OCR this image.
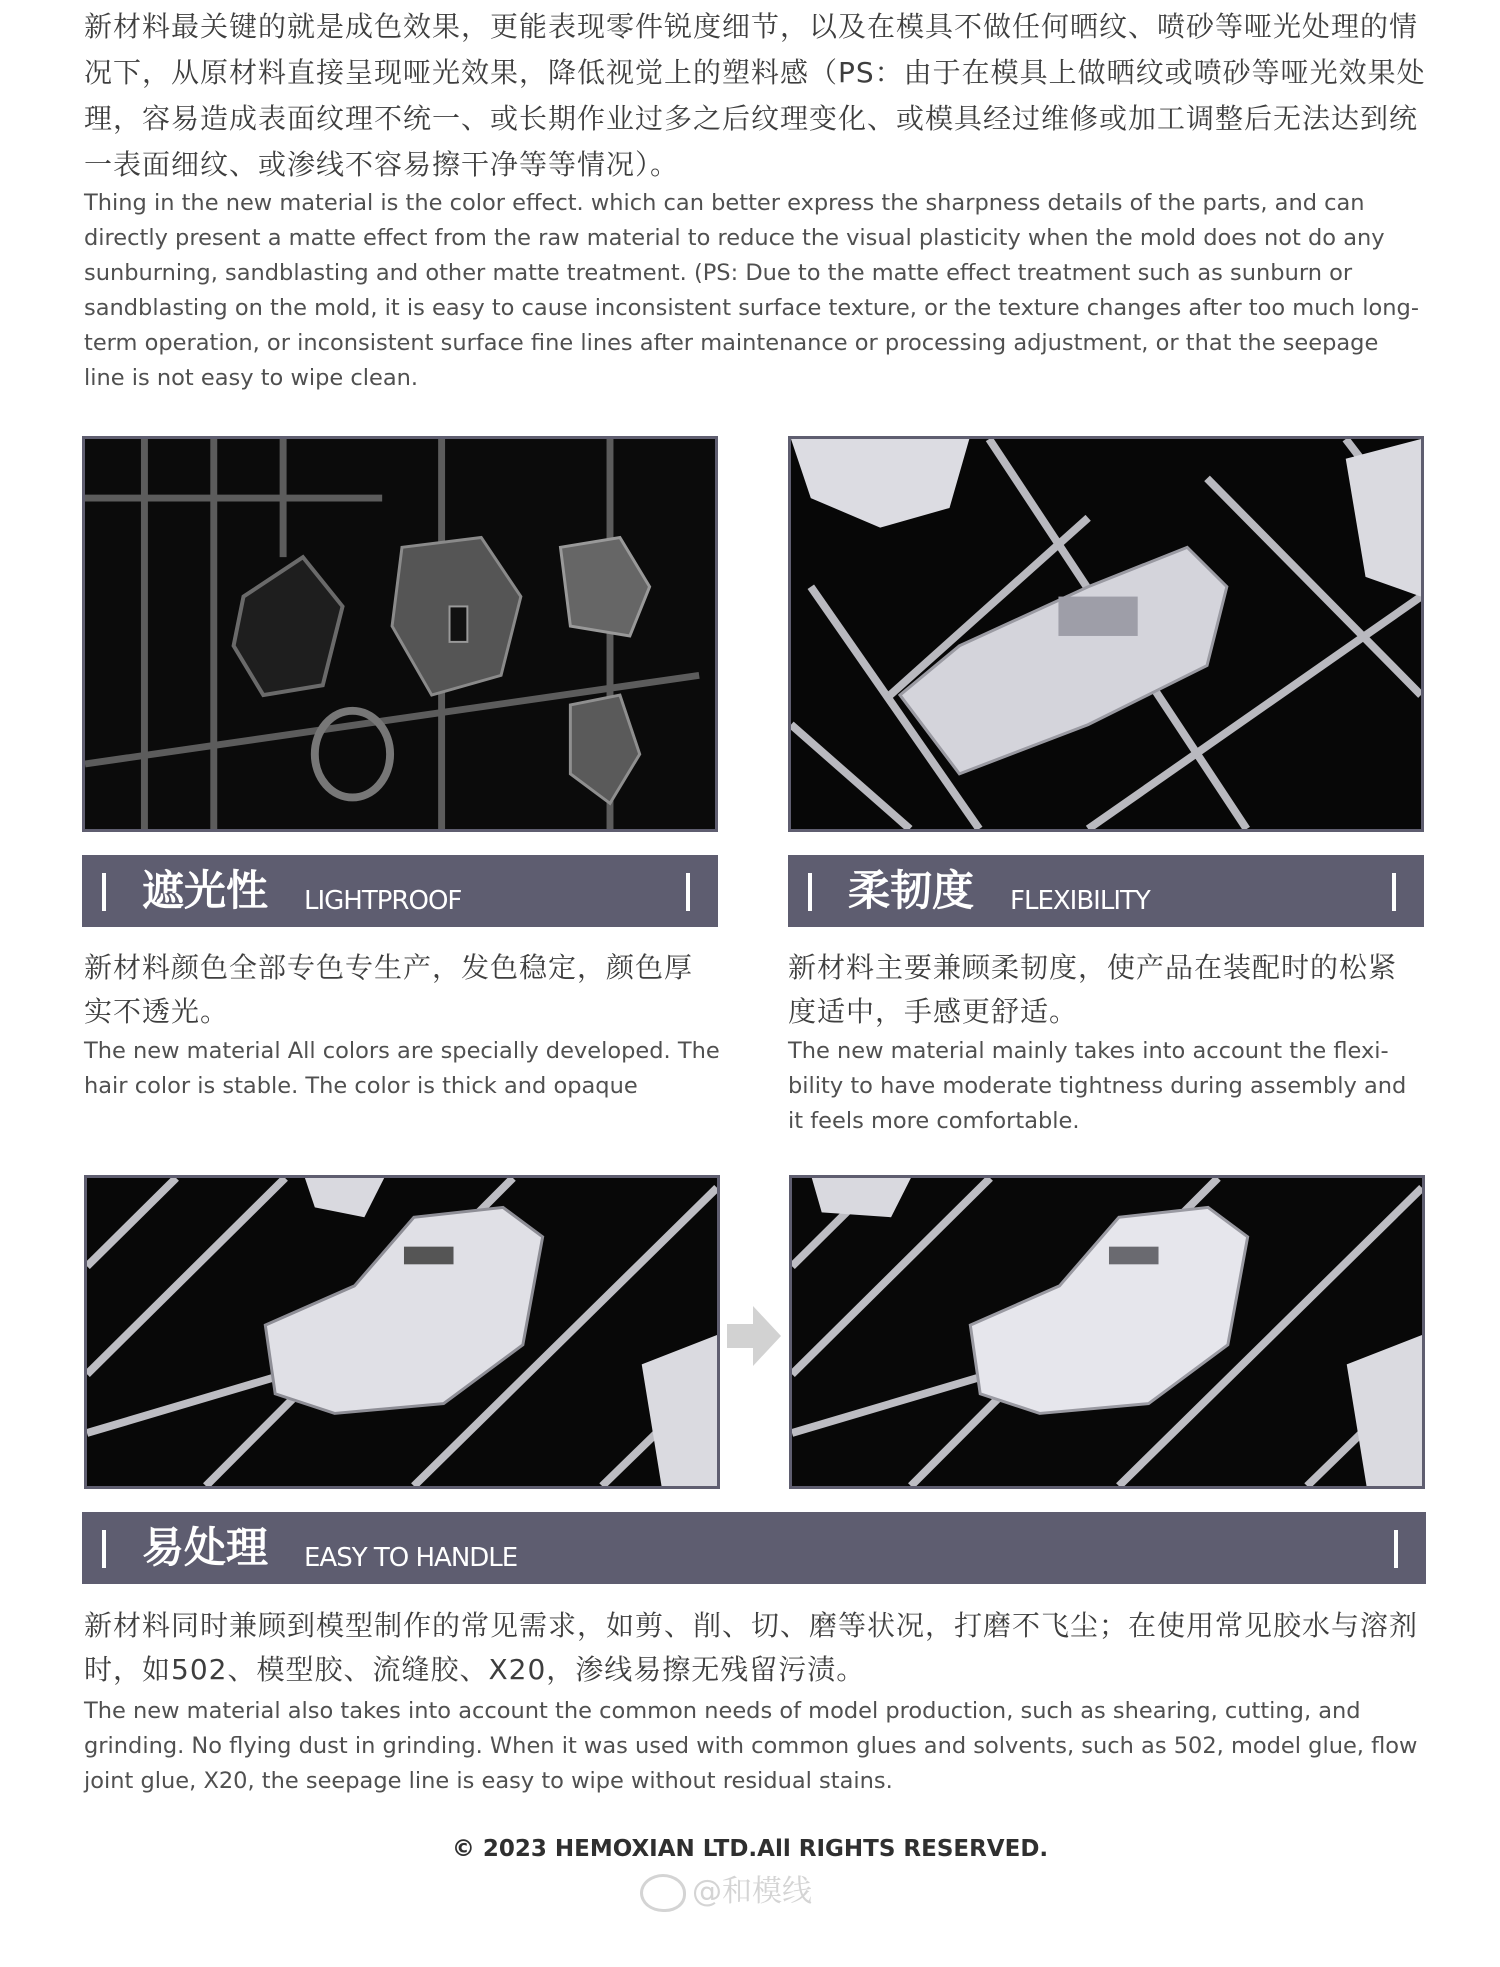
新材料最关键的就是成色效果，更能表现零件锐度细节，以及在模具不做任何晒纹、喷砂等哑光处理的情况下，从原材料直接呈现哑光效果，降低视觉上的塑料感（PS：由于在模具上做晒纹或喷砂等哑光效果处理，容易造成表面纹理不统一、或长期作业过多之后纹理变化、或模具经过维修或加工调整后无法达到统一表面细纹、或渗线不容易擦干净等等情况）。

Thing in the new material is the color effect. which can better express the sharpness details of the parts, and can directly present a matte effect from the raw material to reduce the visual plasticity when the mold does not do any sunburning, sandblasting and other matte treatment. (PS: Due to the matte effect treatment such as sunburn or sandblasting on the mold, it is easy to cause inconsistent surface texture, or the texture changes after too much long-term operation, or inconsistent surface fine lines after maintenance or processing adjustment, or that the seepage line is not easy to wipe clean.

遮光性 LIGHTPROOF	柔韧度 FLEXIBILITY

新材料颜色全部专色专生产，发色稳定，颜色厚实不透光。

The new material All colors are specially developed. The hair color is stable. The color is thick and opaque

新材料主要兼顾柔韧度，使产品在装配时的松紧度适中，手感更舒适。

The new material mainly takes into account the flexi-bility to have moderate tightness during assembly and it feels more comfortable.

易处理 EASY TO HANDLE

新材料同时兼顾到模型制作的常见需求，如剪、削、切、磨等状况，打磨不飞尘；在使用常见胶水与溶剂时，如502、模型胶、流缝胶、X20，渗线易擦无残留污渍。

The new material also takes into account the common needs of model production, such as shearing, cutting, and grinding. No flying dust in grinding. When it was used with common glues and solvents, such as 502, model glue, flow joint glue, X20, the seepage line is easy to wipe without residual stains.

© 2023 HEMOXIAN LTD.All RIGHTS RESERVED.
@和模线
